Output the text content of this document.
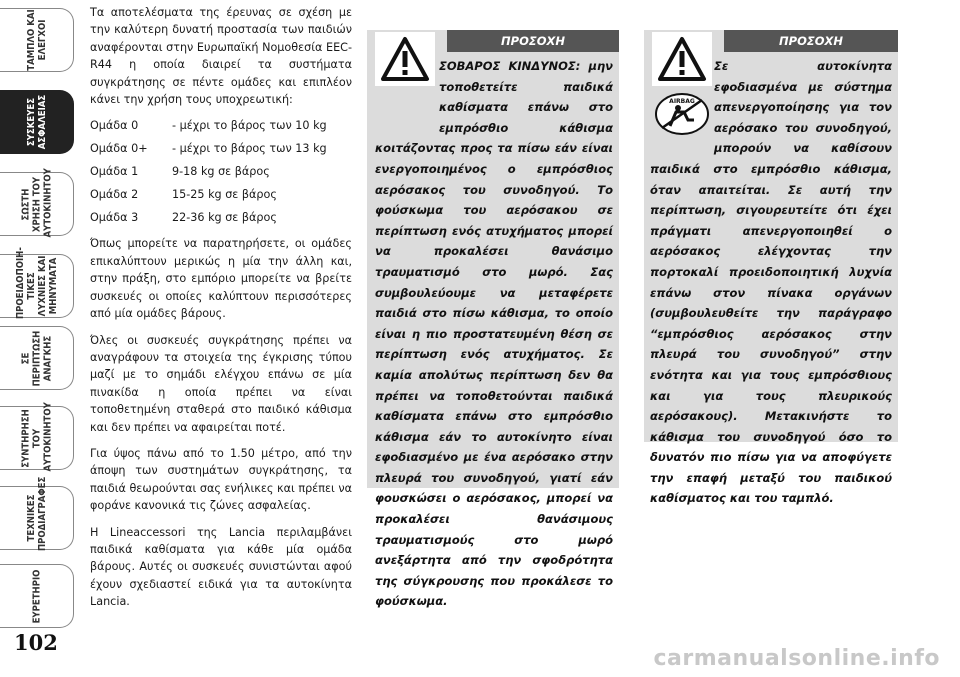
ΤΑΜΠΛΟ ΚΑΙ ΕΛΕΓΧΟΙ
ΣΥΣΚΕΥΕΣ ΑΣΦΑΛΕΙΑΣ
ΣΩΣΤΗ ΧΡΗΣΗ ΤΟΥ ΑΥΤΟΚΙΝΗΤΟΥ
ΠΡΟΕΙΔΟΠΟΙΗ- ΤΙΚΕΣ ΛΥΧΝΙΕΣ ΚΑΙ ΜΗΝΥΜΑΤΑ
ΣΕ ΠΕΡΙΠΤΩΣΗ ΑΝΑΓΚΗΣ
ΣΥΝΤΗΡΗΣΗ ΤΟΥ ΑΥΤΟΚΙΝΗΤΟΥ
ΤΕΧΝΙΚΕΣ ΠΡΟΔΙΑΓΡΑΦΕΣ
ΕΥΡΕΤΗΡΙΟ
102

Τα αποτελέσματα της έρευνας σε σχέση με την καλύτερη δυνατή προστασία των παιδιών αναφέρονται στην Ευρωπαϊκή Νομοθεσία EEC-R44 η οποία διαιρεί τα συστήματα συγκράτησης σε πέντε ομάδες και επιπλέον κάνει την χρήση τους υποχρεωτική:

Ομάδα 0	- μέχρι το βάρος των 10 kg
Ομάδα 0+	- μέχρι το βάρος των 13 kg
Ομάδα 1	9-18 kg σε βάρος
Ομάδα 2	15-25 kg σε βάρος
Ομάδα 3	22-36 kg σε βάρος

Όπως μπορείτε να παρατηρήσετε, οι ομάδες επικαλύπτουν μερικώς η μία την άλλη και, στην πράξη, στο εμπόριο μπορείτε να βρείτε συσκευές οι οποίες καλύπτουν περισσότερες από μία ομάδες βάρους.

Όλες οι συσκευές συγκράτησης πρέπει να αναγράφουν τα στοιχεία της έγκρισης τύπου μαζί με το σημάδι ελέγχου επάνω σε μία πινακίδα η οποία πρέπει να είναι τοποθετημένη σταθερά στο παιδικό κάθισμα και δεν πρέπει να αφαιρείται ποτέ.

Για ύψος πάνω από το 1.50 μέτρο, από την άποψη των συστημάτων συγκράτησης, τα παιδιά θεωρούνται σας ενήλικες και πρέπει να φοράνε κανονικά τις ζώνες ασφαλείας.

Η Lineaccessori της Lancia περιλαμβάνει παιδικά καθίσματα για κάθε μία ομάδα βάρους. Αυτές οι συσκευές συνιστώνται αφού έχουν σχεδιαστεί ειδικά για τα αυτοκίνητα Lancia.

ΠΡΟΣΟΧΗ
ΣΟΒΑΡΟΣ ΚΙΝΔΥΝΟΣ: μην τοποθετείτε παιδικά καθίσματα επάνω στο εμπρόσθιο κάθισμα κοιτάζοντας προς τα πίσω εάν είναι ενεργοποιημένος ο εμπρόσθιος αερόσακος του συνοδηγού. Το φούσκωμα του αερόσακου σε περίπτωση ενός ατυχήματος μπορεί να προκαλέσει θανάσιμο τραυματισμό στο μωρό. Σας συμβουλεύουμε να μεταφέρετε παιδιά στο πίσω κάθισμα, το οποίο είναι η πιο προστατευμένη θέση σε περίπτωση ενός ατυχήματος. Σε καμία απολύτως περίπτωση δεν θα πρέπει να τοποθετούνται παιδικά καθίσματα επάνω στο εμπρόσθιο κάθισμα εάν το αυτοκίνητο είναι εφοδιασμένο με ένα αερόσακο στην πλευρά του συνοδηγού, γιατί εάν φουσκώσει ο αερόσακος, μπορεί να προκαλέσει θανάσιμους τραυματισμούς στο μωρό ανεξάρτητα από την σφοδρότητα της σύγκρουσης που προκάλεσε το φούσκωμα.
ΠΡΟΣΟΧΗ
AIRBAG
Σε αυτοκίνητα εφοδιασμένα με σύστημα απενεργοποίησης για τον αερόσακο του συνοδηγού, μπορούν να καθίσουν παιδικά στο εμπρόσθιο κάθισμα, όταν απαιτείται. Σε αυτή την περίπτωση, σιγουρευτείτε ότι έχει πράγματι απενεργοποιηθεί ο αερόσακος ελέγχοντας την πορτοκαλί προειδοποιητική λυχνία επάνω στον πίνακα οργάνων (συμβουλευθείτε την παράγραφο “εμπρόσθιος αερόσακος στην πλευρά του συνοδηγού” στην ενότητα και για τους εμπρόσθιους και για τους πλευρικούς αερόσακους). Μετακινήστε το κάθισμα του συνοδηγού όσο το δυνατόν πιο πίσω για να αποφύγετε την επαφή μεταξύ του παιδικού καθίσματος και του ταμπλό.
carmanualsonline.info
